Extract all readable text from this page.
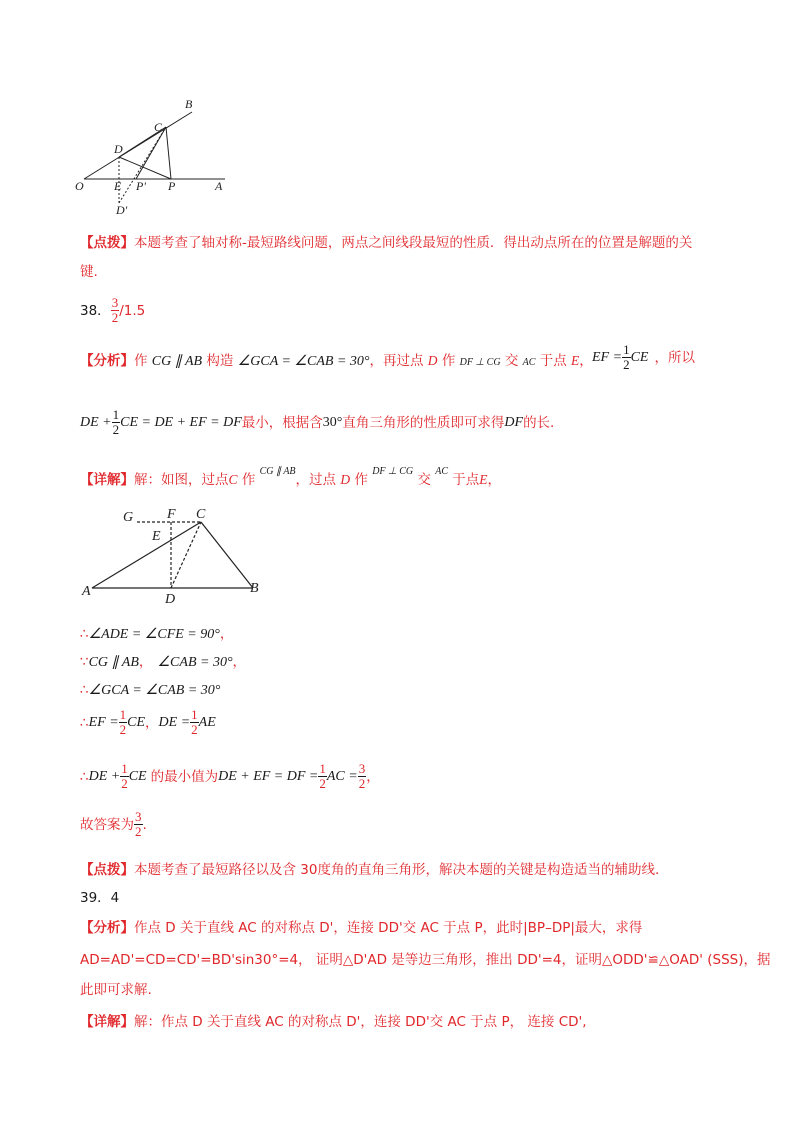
B
C
D
O	E P' P	A
D'
【点拨】本题考查了轴对称-最短路线问题，两点之间线段最短的性质．得出动点所在的位置是解题的关
键.
38． $\frac{3}{2} /1.5$
【分析】作 CG ∥ AB 构造 ∠GCA = ∠CAB = 30°，再过点 D 作 DF ⊥ CG 交 AC 于点 E， EF = $\frac{1}{2}$ CE ，所以
DE + $\frac{1}{2}$ CE = DE + EF = DF最小，根据含30°直角三角形的性质即可求得DF的长.
【详解】解：如图，过点C 作 $^{CG \parallel AB}$，过点 D 作 $^{DF \perp CG}$ 交 $^{AC}$ 于点E，
G F C
E
A
D
B
∴∠ADE = ∠CFE = 90°，
∵CG ∥ AB， ∠CAB = 30°，
∴∠GCA = ∠CAB = 30°
∴EF = $\frac{1}{2}$ CE，DE = $\frac{1}{2}$ AE
∴DE + $\frac{1}{2}$ CE 的最小值为DE + EF = DF = $\frac{1}{2}$ AC = $\frac{3}{2}$ ，
故答案为 $\frac{3}{2}$ .
【点拨】本题考查了最短路径以及含 30度角的直角三角形，解决本题的关键是构造适当的辅助线.
39．4
【分析】作点 D 关于直线 AC 的对称点 D'，连接 DD'交 AC 于点 P，此时|BP–DP|最大，求得
AD=AD'=CD=CD'=BD'sin30°=4， 证明△D'AD 是等边三角形，推出 DD'=4，证明△ODD'≌△OAD' (SSS)，据
此即可求解.
【详解】解：作点 D 关于直线 AC 的对称点 D'，连接 DD'交 AC 于点 P， 连接 CD',
